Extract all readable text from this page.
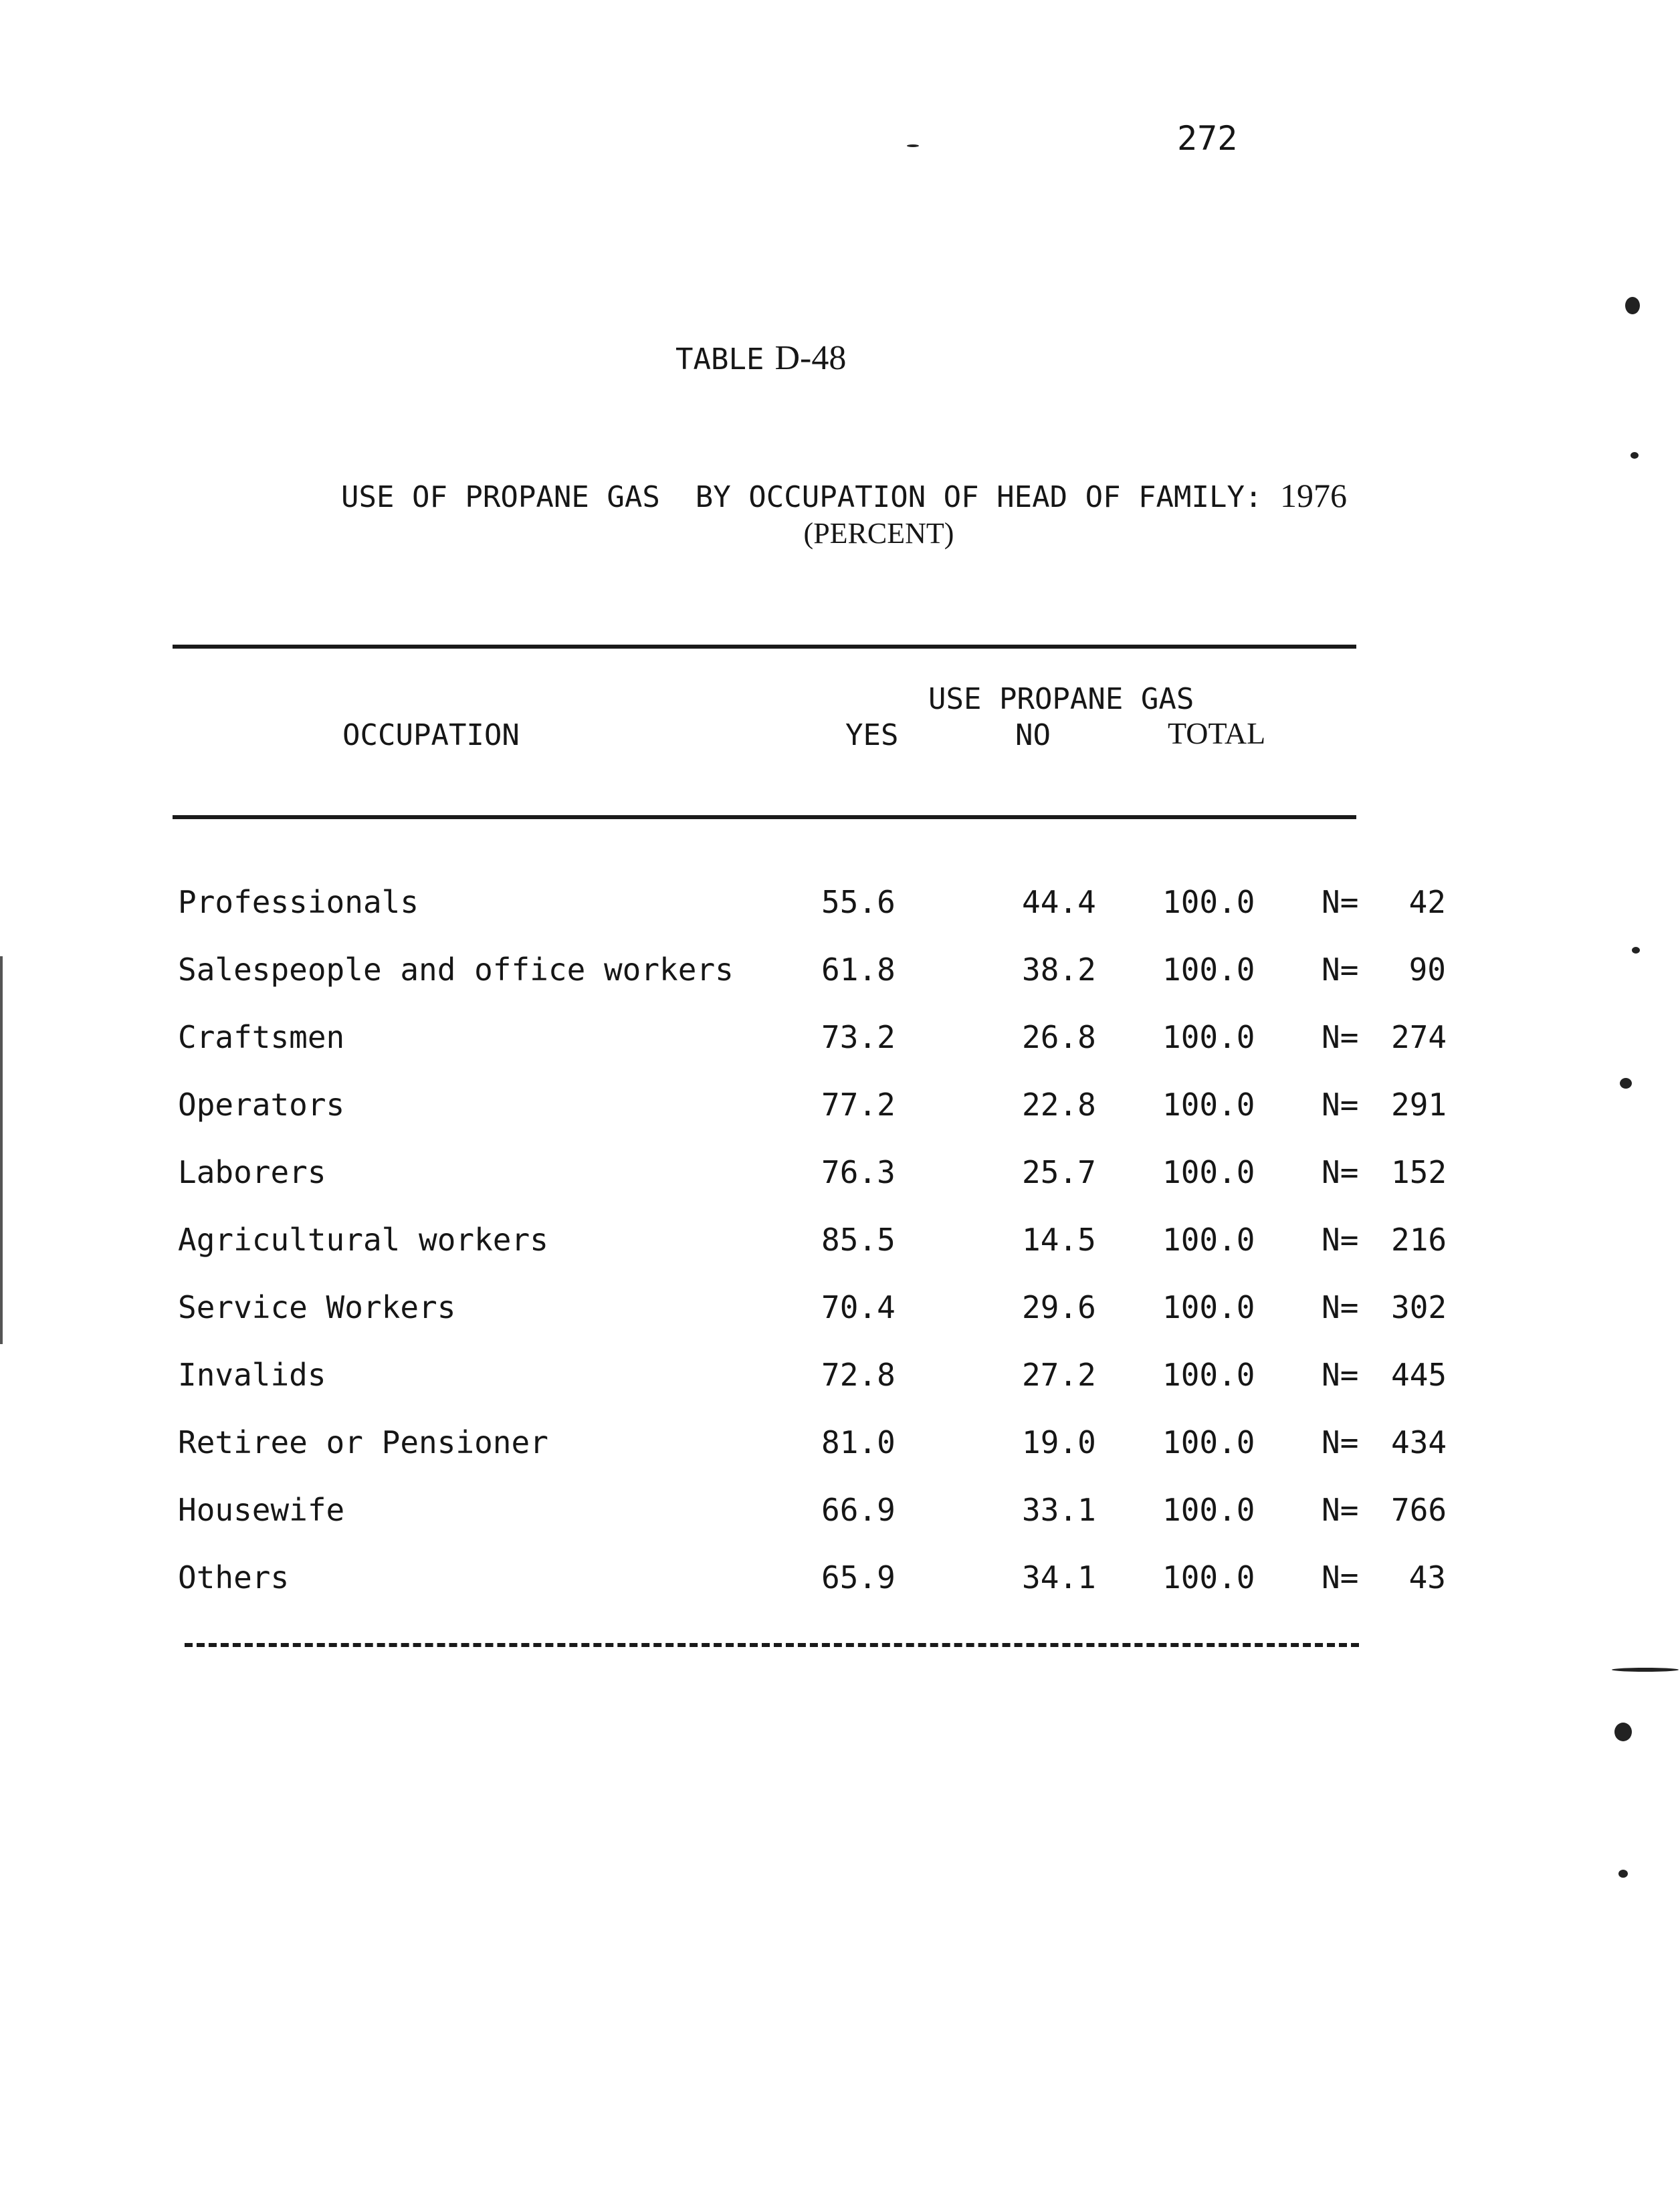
272
TABLE D-48
USE OF PROPANE GAS  BY OCCUPATION OF HEAD OF FAMILY: 1976
(PERCENT)
USE PROPANE GAS
OCCUPATION	YES	NO	TOTAL
Professionals	55.6	44.4 100.0 N=	42
Salespeople and office workers	61.8	38.2 100.0 N=	90
Craftsmen	73.2	26.8 100.0 N= 274
Operators	77.2	22.8 100.0 N= 291
Laborers	76.3	25.7 100.0 N= 152
Agricultural workers	85.5	14.5 100.0 N= 216
Service Workers	70.4	29.6 100.0 N= 302
Invalids	72.8	27.2 100.0 N= 445
Retiree or Pensioner	81.0	19.0 100.0 N= 434
Housewife	66.9	33.1 100.0 N= 766
Others	65.9	34.1 100.0 N=	43
